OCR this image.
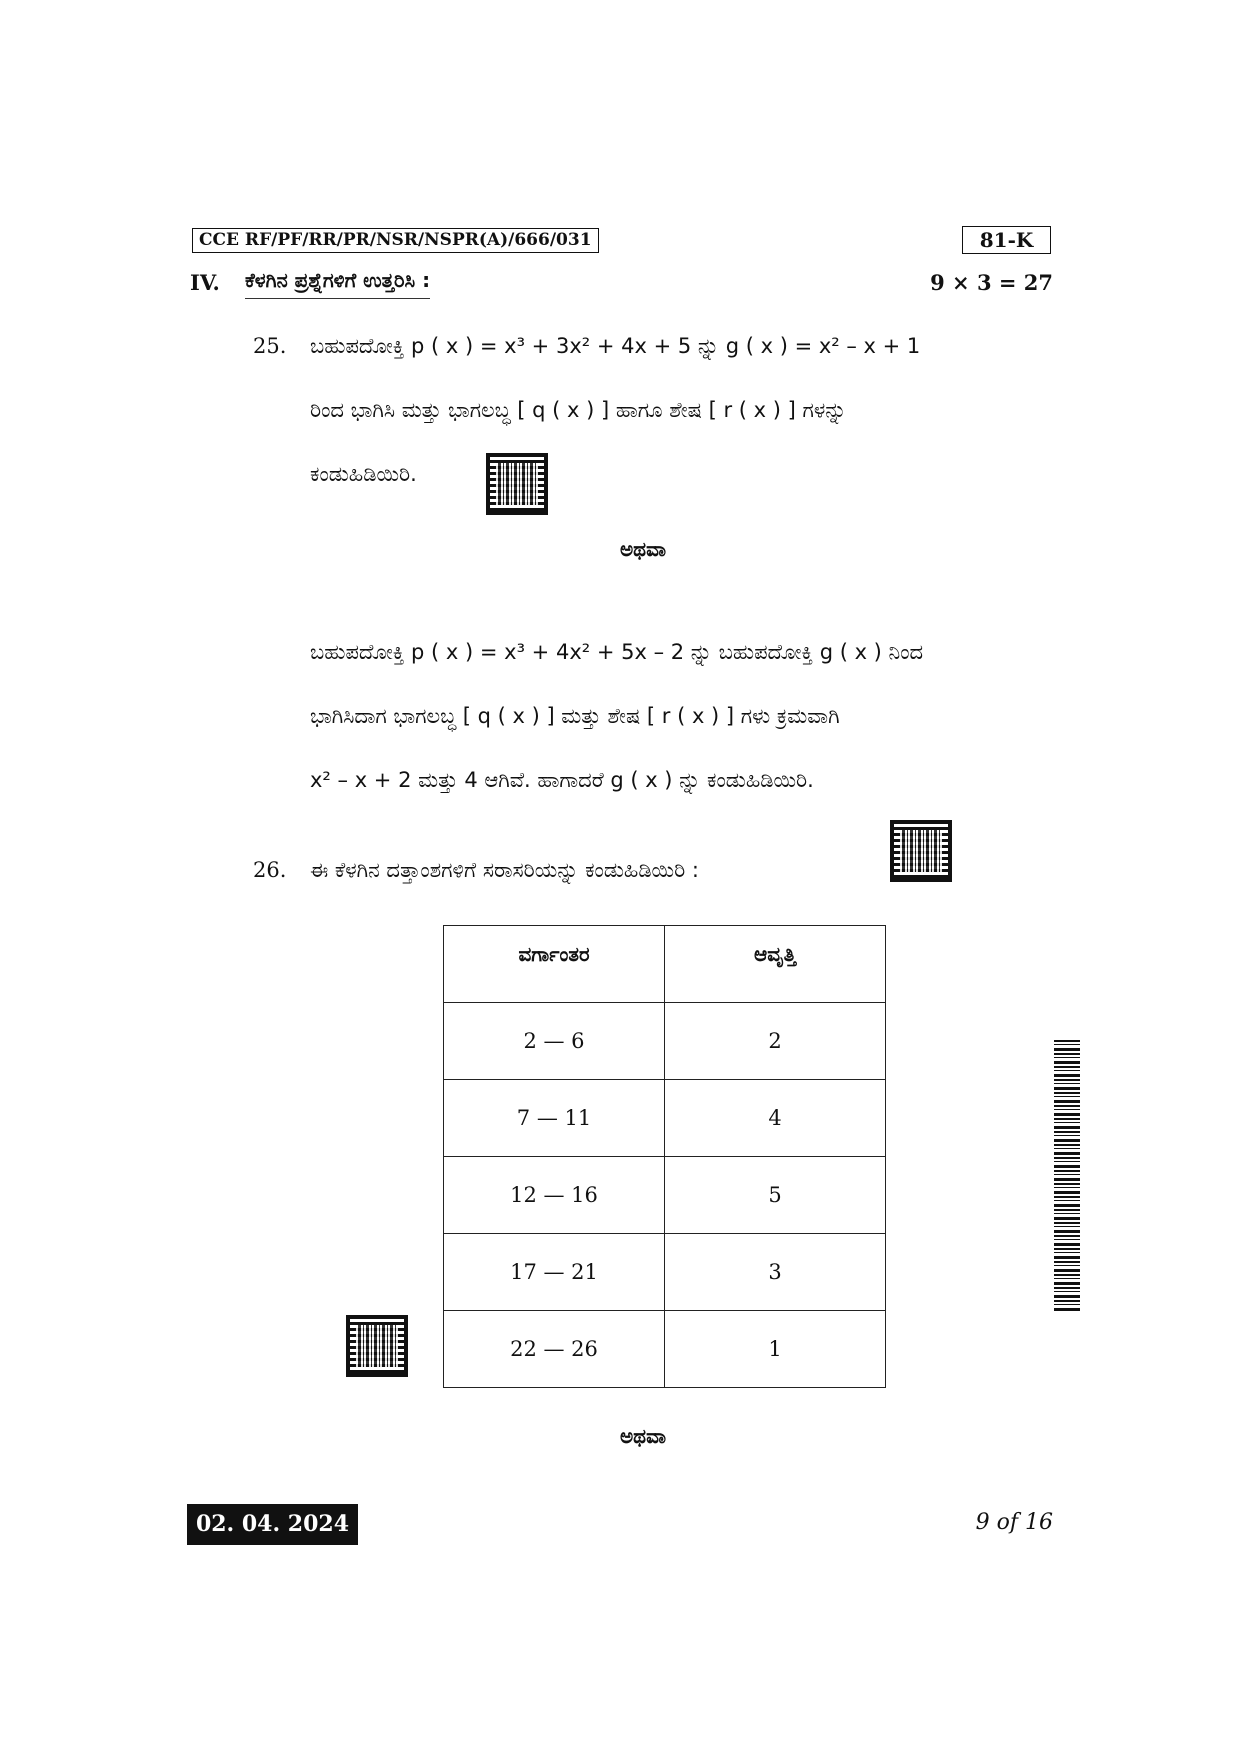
CCE RF/PF/RR/PR/NSR/NSPR(A)/666/031	81-K
IV. ಕೆಳಗಿನ ಪ್ರಶ್ನೆಗಳಿಗೆ ಉತ್ತರಿಸಿ :	9 × 3 = 27
25. ಬಹುಪದೋಕ್ತಿ p ( x ) = x³ + 3x² + 4x + 5 ನ್ನು g ( x ) = x² – x + 1
ರಿಂದ ಭಾಗಿಸಿ ಮತ್ತು ಭಾಗಲಬ್ಧ [ q ( x ) ] ಹಾಗೂ ಶೇಷ [ r ( x ) ] ಗಳನ್ನು
ಕಂಡುಹಿಡಿಯಿರಿ.
ಅಥವಾ
ಬಹುಪದೋಕ್ತಿ p ( x ) = x³ + 4x² + 5x – 2 ನ್ನು ಬಹುಪದೋಕ್ತಿ g ( x ) ನಿಂದ
ಭಾಗಿಸಿದಾಗ ಭಾಗಲಬ್ಧ [ q ( x ) ] ಮತ್ತು ಶೇಷ [ r ( x ) ] ಗಳು ಕ್ರಮವಾಗಿ
x² – x + 2 ಮತ್ತು 4 ಆಗಿವೆ. ಹಾಗಾದರೆ g ( x ) ನ್ನು ಕಂಡುಹಿಡಿಯಿರಿ.
26. ಈ ಕೆಳಗಿನ ದತ್ತಾಂಶಗಳಿಗೆ ಸರಾಸರಿಯನ್ನು ಕಂಡುಹಿಡಿಯಿರಿ :
ವರ್ಗಾಂತರ	ಆವೃತ್ತಿ
2 — 6	2
7 — 11	4
12 — 16	5
17 — 21	3
22 — 26	1
ಅಥವಾ
02. 04. 2024	9 of 16
